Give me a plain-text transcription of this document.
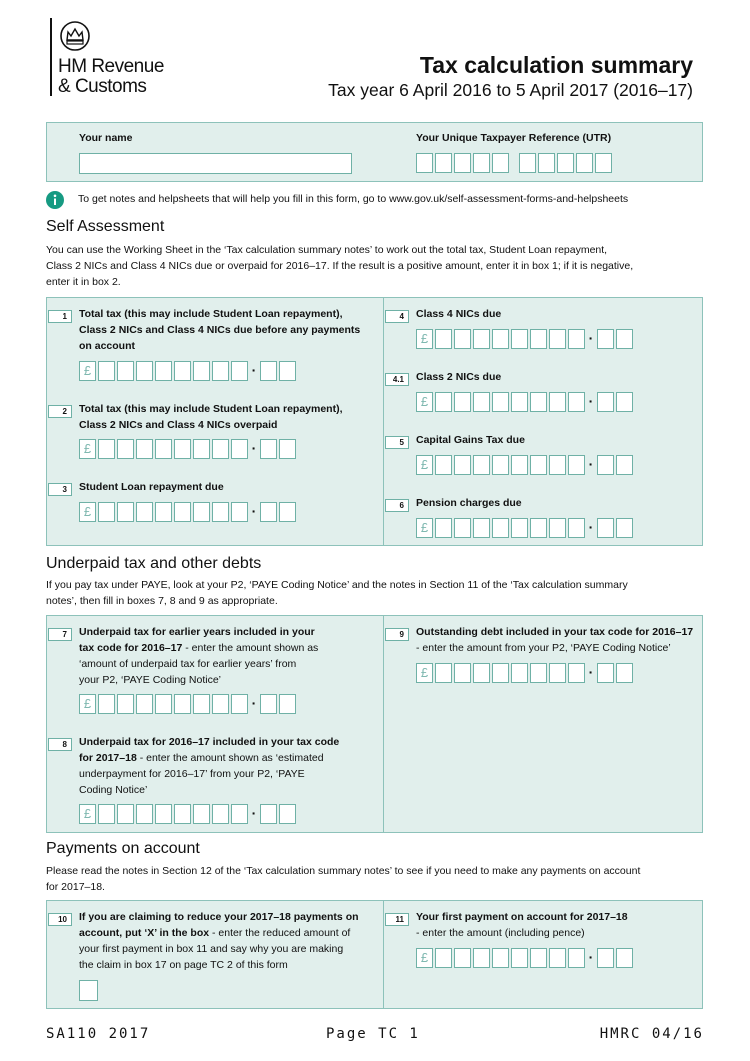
HM Revenue
& Customs
Tax calculation summary
Tax year 6 April 2016 to 5 April 2017 (2016–17)
Your name	Your Unique Taxpayer Reference (UTR)
To get notes and helpsheets that will help you fill in this form, go to www.gov.uk/self-assessment-forms-and-helpsheets
Self Assessment
You can use the Working Sheet in the ‘Tax calculation summary notes’ to work out the total tax, Student Loan repayment,
Class 2 NICs and Class 4 NICs due or overpaid for 2016–17. If the result is a positive amount, enter it in box 1; if it is negative,
enter it in box 2.
1	Total tax (this may include Student Loan repayment),
Class 2 NICs and Class 4 NICs due before any payments
on account
£	·
2	Total tax (this may include Student Loan repayment),
Class 2 NICs and Class 4 NICs overpaid
£	·
3	Student Loan repayment due
£	·
4	Class 4 NICs due
£	·
4.1	Class 2 NICs due
£	·
5	Capital Gains Tax due
£	·
6	Pension charges due
£	·
Underpaid tax and other debts
If you pay tax under PAYE, look at your P2, ‘PAYE Coding Notice’ and the notes in Section 11 of the ‘Tax calculation summary
notes’, then fill in boxes 7, 8 and 9 as appropriate.
7	Underpaid tax for earlier years included in your
tax code for 2016–17 - enter the amount shown as
‘amount of underpaid tax for earlier years’ from
your P2, ‘PAYE Coding Notice’
£	·
8	Underpaid tax for 2016–17 included in your tax code
for 2017–18 - enter the amount shown as ‘estimated
underpayment for 2016–17’ from your P2, ‘PAYE
Coding Notice’
£	·
9	Outstanding debt included in your tax code for 2016–17
- enter the amount from your P2, ‘PAYE Coding Notice’
£	·
Payments on account
Please read the notes in Section 12 of the ‘Tax calculation summary notes’ to see if you need to make any payments on account
for 2017–18.
10	If you are claiming to reduce your 2017–18 payments on
account, put ‘X’ in the box - enter the reduced amount of
your first payment in box 11 and say why you are making
the claim in box 17 on page TC 2 of this form
11	Your first payment on account for 2017–18
- enter the amount (including pence)
£	·
SA110 2017	Page TC 1	HMRC 04/16
